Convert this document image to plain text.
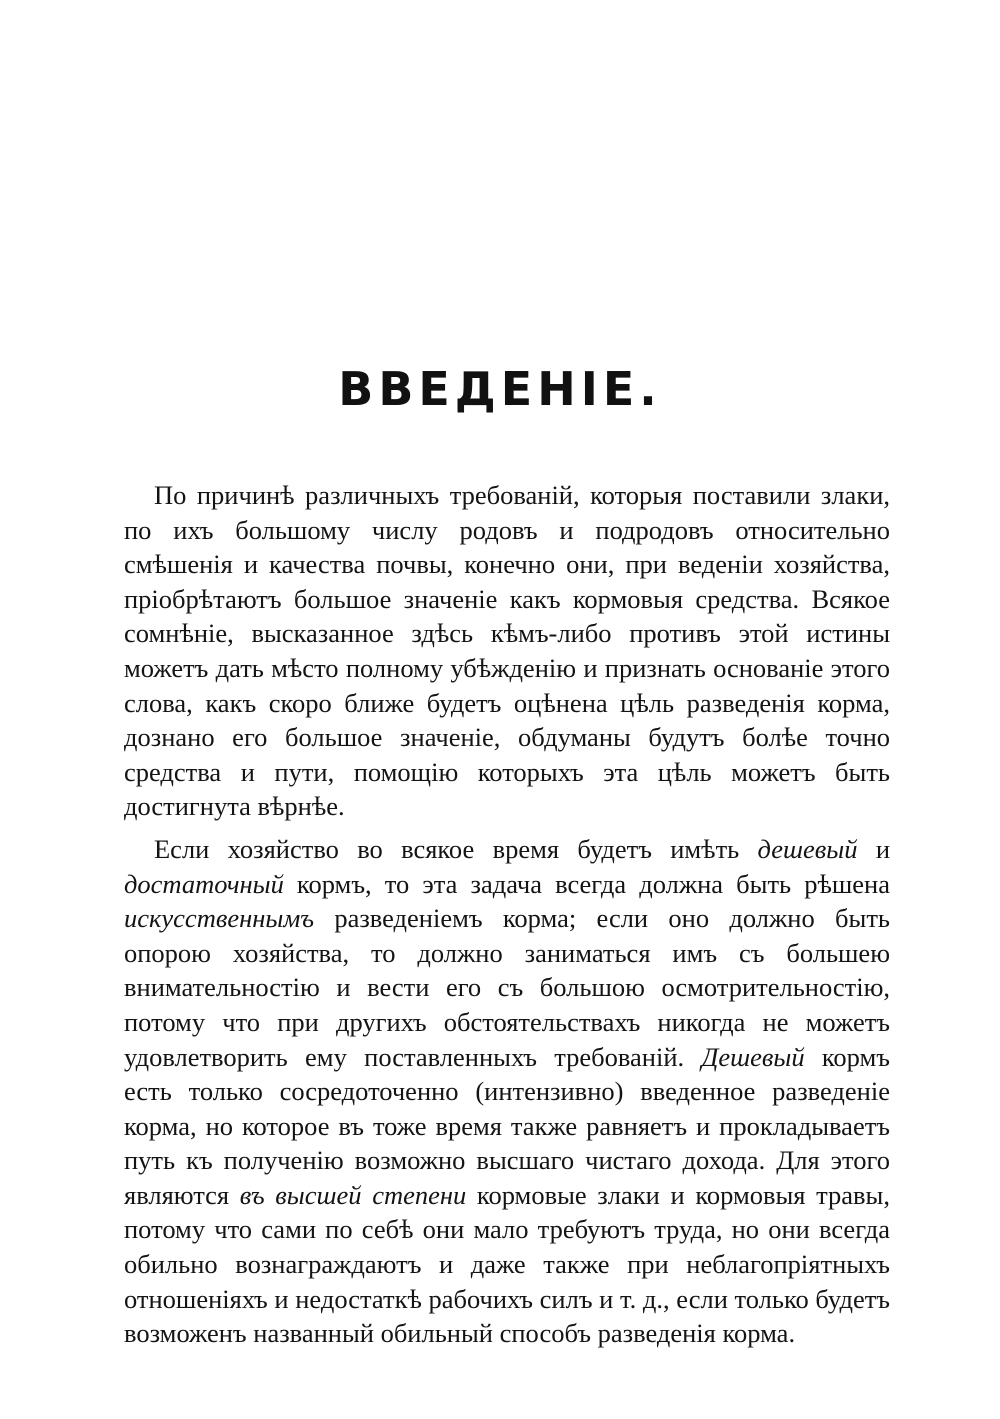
ВВЕДЕНIЕ.

По причинѣ различныхъ требованій, которыя поставили злаки, по ихъ большому числу родовъ и подродовъ относительно смѣшенія и качества почвы, конечно они, при веденіи хозяйства, пріобрѣтаютъ большое значеніе какъ кормовыя средства. Всякое сомнѣніе, высказанное здѣсь кѣмъ-либо противъ этой истины можетъ дать мѣсто полному убѣжденію и признать основаніе этого слова, какъ скоро ближе будетъ оцѣнена цѣль разведенія корма, дознано его большое значеніе, обдуманы будутъ болѣе точно средства и пути, помощію которыхъ эта цѣль можетъ быть достигнута вѣрнѣе.

Если хозяйство во всякое время будетъ имѣть дешевый и достаточный кормъ, то эта задача всегда должна быть рѣшена искусственнымъ разведеніемъ корма; если оно должно быть опорою хозяйства, то должно заниматься имъ съ большею внимательностію и вести его съ большою осмотрительностію, потому что при другихъ обстоятельствахъ никогда не можетъ удовлетворить ему поставленныхъ требованій. Дешевый кормъ есть только сосредоточенно (интензивно) введенное разведеніе корма, но которое въ тоже время также равняетъ и прокладываетъ путь къ полученію возможно высшаго чистаго дохода. Для этого являются въ высшей степени кормовые злаки и кормовыя травы, потому что сами по себѣ они мало требуютъ труда, но они всегда обильно вознаграждаютъ и даже также при неблагопріятныхъ отношеніяхъ и недостаткѣ рабочихъ силъ и т. д., если только будетъ возможенъ названный обильный способъ разведенія корма.
